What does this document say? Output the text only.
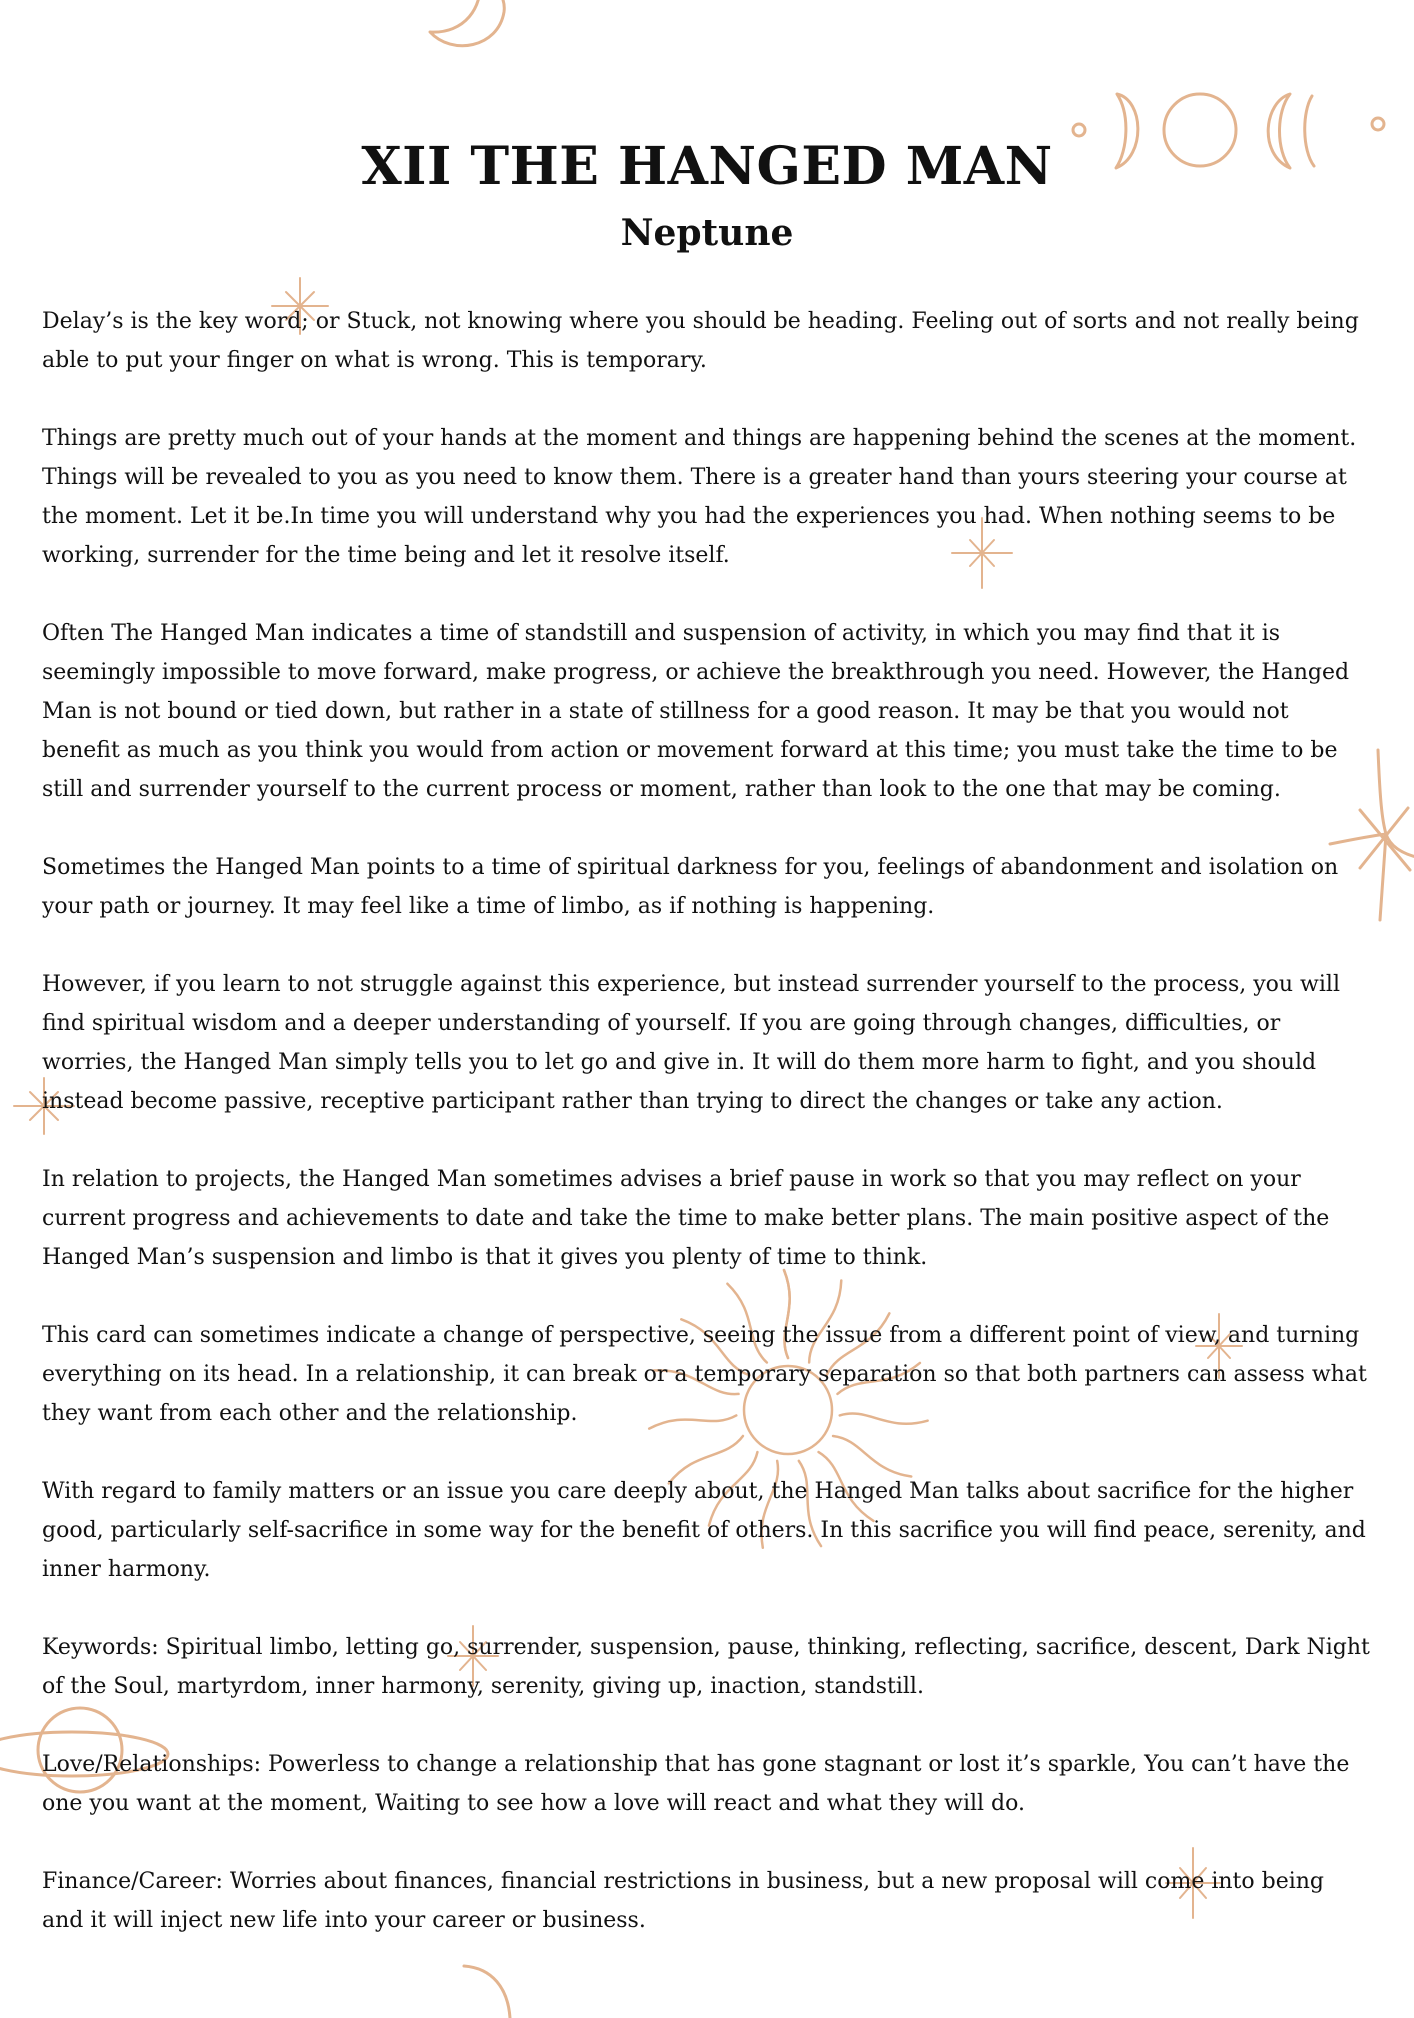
XII THE HANGED MAN
Neptune

Delay’s is the key word; or Stuck, not knowing where you should be heading. Feeling out of sorts and not really being able to put your finger on what is wrong. This is temporary.

Things are pretty much out of your hands at the moment and things are happening behind the scenes at the moment. Things will be revealed to you as you need to know them. There is a greater hand than yours steering your course at the moment. Let it be.In time you will understand why you had the experiences you had. When nothing seems to be working, surrender for the time being and let it resolve itself.

Often The Hanged Man indicates a time of standstill and suspension of activity, in which you may find that it is seemingly impossible to move forward, make progress, or achieve the breakthrough you need. However, the Hanged Man is not bound or tied down, but rather in a state of stillness for a good reason. It may be that you would not benefit as much as you think you would from action or movement forward at this time; you must take the time to be still and surrender yourself to the current process or moment, rather than look to the one that may be coming.

Sometimes the Hanged Man points to a time of spiritual darkness for you, feelings of abandonment and isolation on your path or journey. It may feel like a time of limbo, as if nothing is happening.

However, if you learn to not struggle against this experience, but instead surrender yourself to the process, you will find spiritual wisdom and a deeper understanding of yourself. If you are going through changes, difficulties, or worries, the Hanged Man simply tells you to let go and give in. It will do them more harm to fight, and you should instead become passive, receptive participant rather than trying to direct the changes or take any action.

In relation to projects, the Hanged Man sometimes advises a brief pause in work so that you may reflect on your current progress and achievements to date and take the time to make better plans. The main positive aspect of the Hanged Man’s suspension and limbo is that it gives you plenty of time to think.

This card can sometimes indicate a change of perspective, seeing the issue from a different point of view, and turning everything on its head. In a relationship, it can break or a temporary separation so that both partners can assess what they want from each other and the relationship.

With regard to family matters or an issue you care deeply about, the Hanged Man talks about sacrifice for the higher good, particularly self-sacrifice in some way for the benefit of others. In this sacrifice you will find peace, serenity, and inner harmony.

Keywords: Spiritual limbo, letting go, surrender, suspension, pause, thinking, reflecting, sacrifice, descent, Dark Night of the Soul, martyrdom, inner harmony, serenity, giving up, inaction, standstill.

Love/Relationships: Powerless to change a relationship that has gone stagnant or lost it’s sparkle, You can’t have the one you want at the moment, Waiting to see how a love will react and what they will do.

Finance/Career: Worries about finances, financial restrictions in business, but a new proposal will come into being and it will inject new life into your career or business.
